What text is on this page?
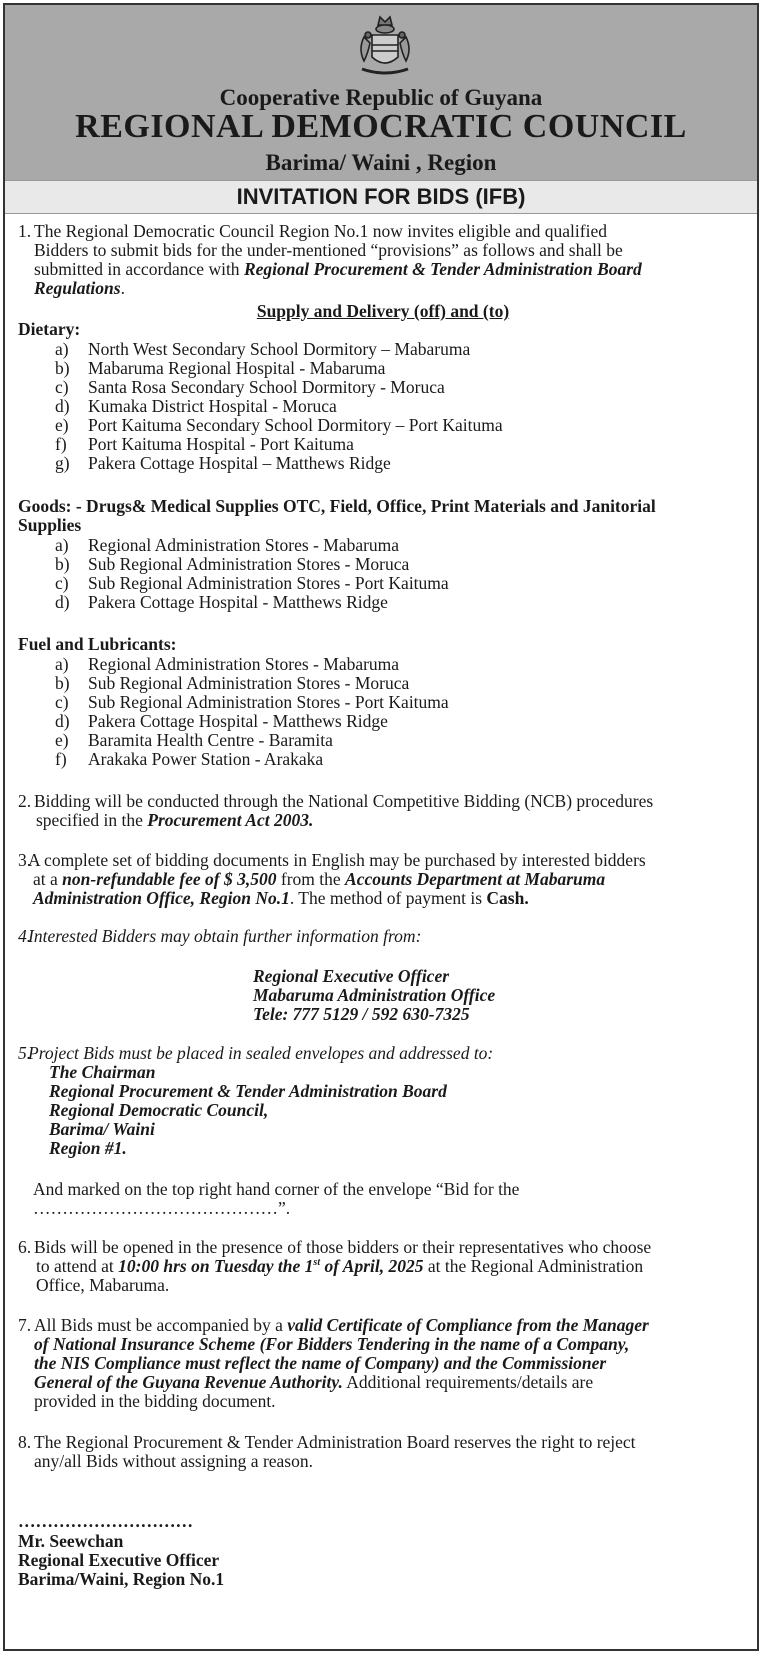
Cooperative Republic of Guyana
REGIONAL DEMOCRATIC COUNCIL
Barima/ Waini , Region
INVITATION FOR BIDS (IFB)
1. The Regional Democratic Council Region No.1 now invites eligible and qualified
Bidders to submit bids for the under-mentioned “provisions” as follows and shall be
submitted in accordance with Regional Procurement & Tender Administration Board
Regulations.
Supply and Delivery (off) and (to)
Dietary:
a) North West Secondary School Dormitory – Mabaruma
b) Mabaruma Regional Hospital - Mabaruma
c) Santa Rosa Secondary School Dormitory - Moruca
d) Kumaka District Hospital - Moruca
e) Port Kaituma Secondary School Dormitory – Port Kaituma
f) Port Kaituma Hospital - Port Kaituma
g) Pakera Cottage Hospital – Matthews Ridge
Goods: - Drugs& Medical Supplies OTC, Field, Office, Print Materials and Janitorial
Supplies
a) Regional Administration Stores - Mabaruma
b) Sub Regional Administration Stores - Moruca
c) Sub Regional Administration Stores - Port Kaituma
d) Pakera Cottage Hospital - Matthews Ridge
Fuel and Lubricants:
a) Regional Administration Stores - Mabaruma
b) Sub Regional Administration Stores - Moruca
c) Sub Regional Administration Stores - Port Kaituma
d) Pakera Cottage Hospital - Matthews Ridge
e) Baramita Health Centre - Baramita
f) Arakaka Power Station - Arakaka
2. Bidding will be conducted through the National Competitive Bidding (NCB) procedures
specified in the Procurement Act 2003.
3.
A complete set of bidding documents in English may be purchased by interested bidders
at a non-refundable fee of $ 3,500 from the Accounts Department at Mabaruma
Administration Office, Region No.1. The method of payment is Cash.
4.
Interested Bidders may obtain further information from:
Regional Executive Officer
Mabaruma Administration Office
Tele: 777 5129 / 592 630-7325
5.
Project Bids must be placed in sealed envelopes and addressed to:
The Chairman
Regional Procurement & Tender Administration Board
Regional Democratic Council,
Barima/ Waini
Region #1.
And marked on the top right hand corner of the envelope “Bid for the
……………………………………”.
6. Bids will be opened in the presence of those bidders or their representatives who choose
to attend at 10:00 hrs on Tuesday the 1st of April, 2025 at the Regional Administration
Office, Mabaruma.
7. All Bids must be accompanied by a valid Certificate of Compliance from the Manager
of National Insurance Scheme (For Bidders Tendering in the name of a Company,
the NIS Compliance must reflect the name of Company) and the Commissioner
General of the Guyana Revenue Authority. Additional requirements/details are
provided in the bidding document.
8. The Regional Procurement & Tender Administration Board reserves the right to reject
any/all Bids without assigning a reason.
…………………………
Mr. Seewchan
Regional Executive Officer
Barima/Waini, Region No.1
